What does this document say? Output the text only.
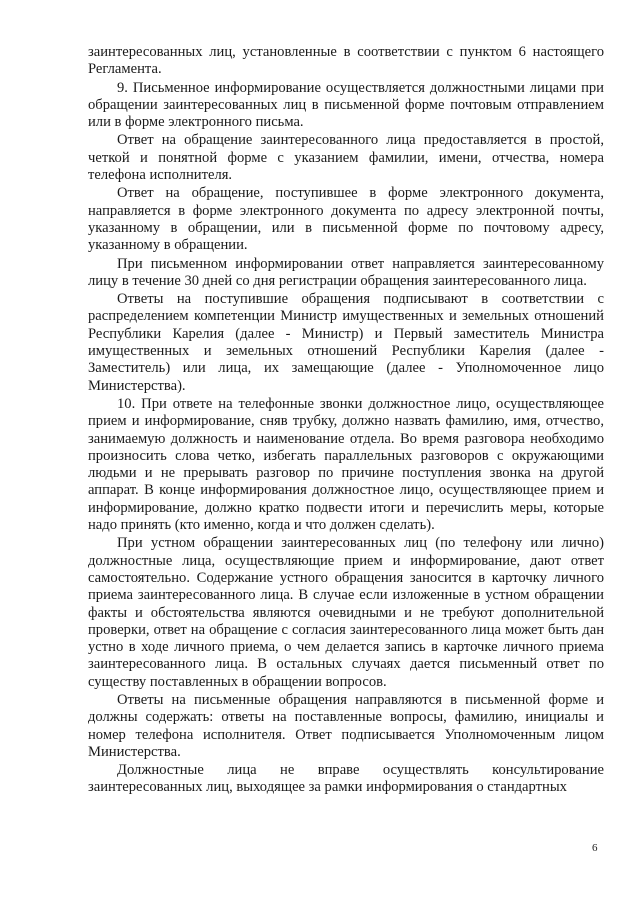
заинтересованных лиц, установленные в соответствии с пунктом 6 настоящего Регламента.

9. Письменное информирование осуществляется должностными лицами при обращении заинтересованных лиц в письменной форме почтовым отправлением или в форме электронного письма.

Ответ на обращение заинтересованного лица предоставляется в простой, четкой и понятной форме с указанием фамилии, имени, отчества, номера телефона исполнителя.

Ответ на обращение, поступившее в форме электронного документа, направляется в форме электронного документа по адресу электронной почты, указанному в обращении, или в письменной форме по почтовому адресу, указанному в обращении.

При письменном информировании ответ направляется заинтересованному лицу в течение 30 дней со дня регистрации обращения заинтересованного лица.

Ответы на поступившие обращения подписывают в соответствии с распределением компетенции Министр имущественных и земельных отношений Республики Карелия (далее - Министр) и Первый заместитель Министра имущественных и земельных отношений Республики Карелия (далее - Заместитель) или лица, их замещающие (далее - Уполномоченное лицо Министерства).

10. При ответе на телефонные звонки должностное лицо, осуществляющее прием и информирование, сняв трубку, должно назвать фамилию, имя, отчество, занимаемую должность и наименование отдела. Во время разговора необходимо произносить слова четко, избегать параллельных разговоров с окружающими людьми и не прерывать разговор по причине поступления звонка на другой аппарат. В конце информирования должностное лицо, осуществляющее прием и информирование, должно кратко подвести итоги и перечислить меры, которые надо принять (кто именно, когда и что должен сделать).

При устном обращении заинтересованных лиц (по телефону или лично) должностные лица, осуществляющие прием и информирование, дают ответ самостоятельно. Содержание устного обращения заносится в карточку личного приема заинтересованного лица. В случае если изложенные в устном обращении факты и обстоятельства являются очевидными и не требуют дополнительной проверки, ответ на обращение с согласия заинтересованного лица может быть дан устно в ходе личного приема, о чем делается запись в карточке личного приема заинтересованного лица. В остальных случаях дается письменный ответ по существу поставленных в обращении вопросов.

Ответы на письменные обращения направляются в письменной форме и должны содержать: ответы на поставленные вопросы, фамилию, инициалы и номер телефона исполнителя. Ответ подписывается Уполномоченным лицом Министерства.

Должностные лица не вправе осуществлять консультирование заинтересованных лиц, выходящее за рамки информирования о стандартных

6
